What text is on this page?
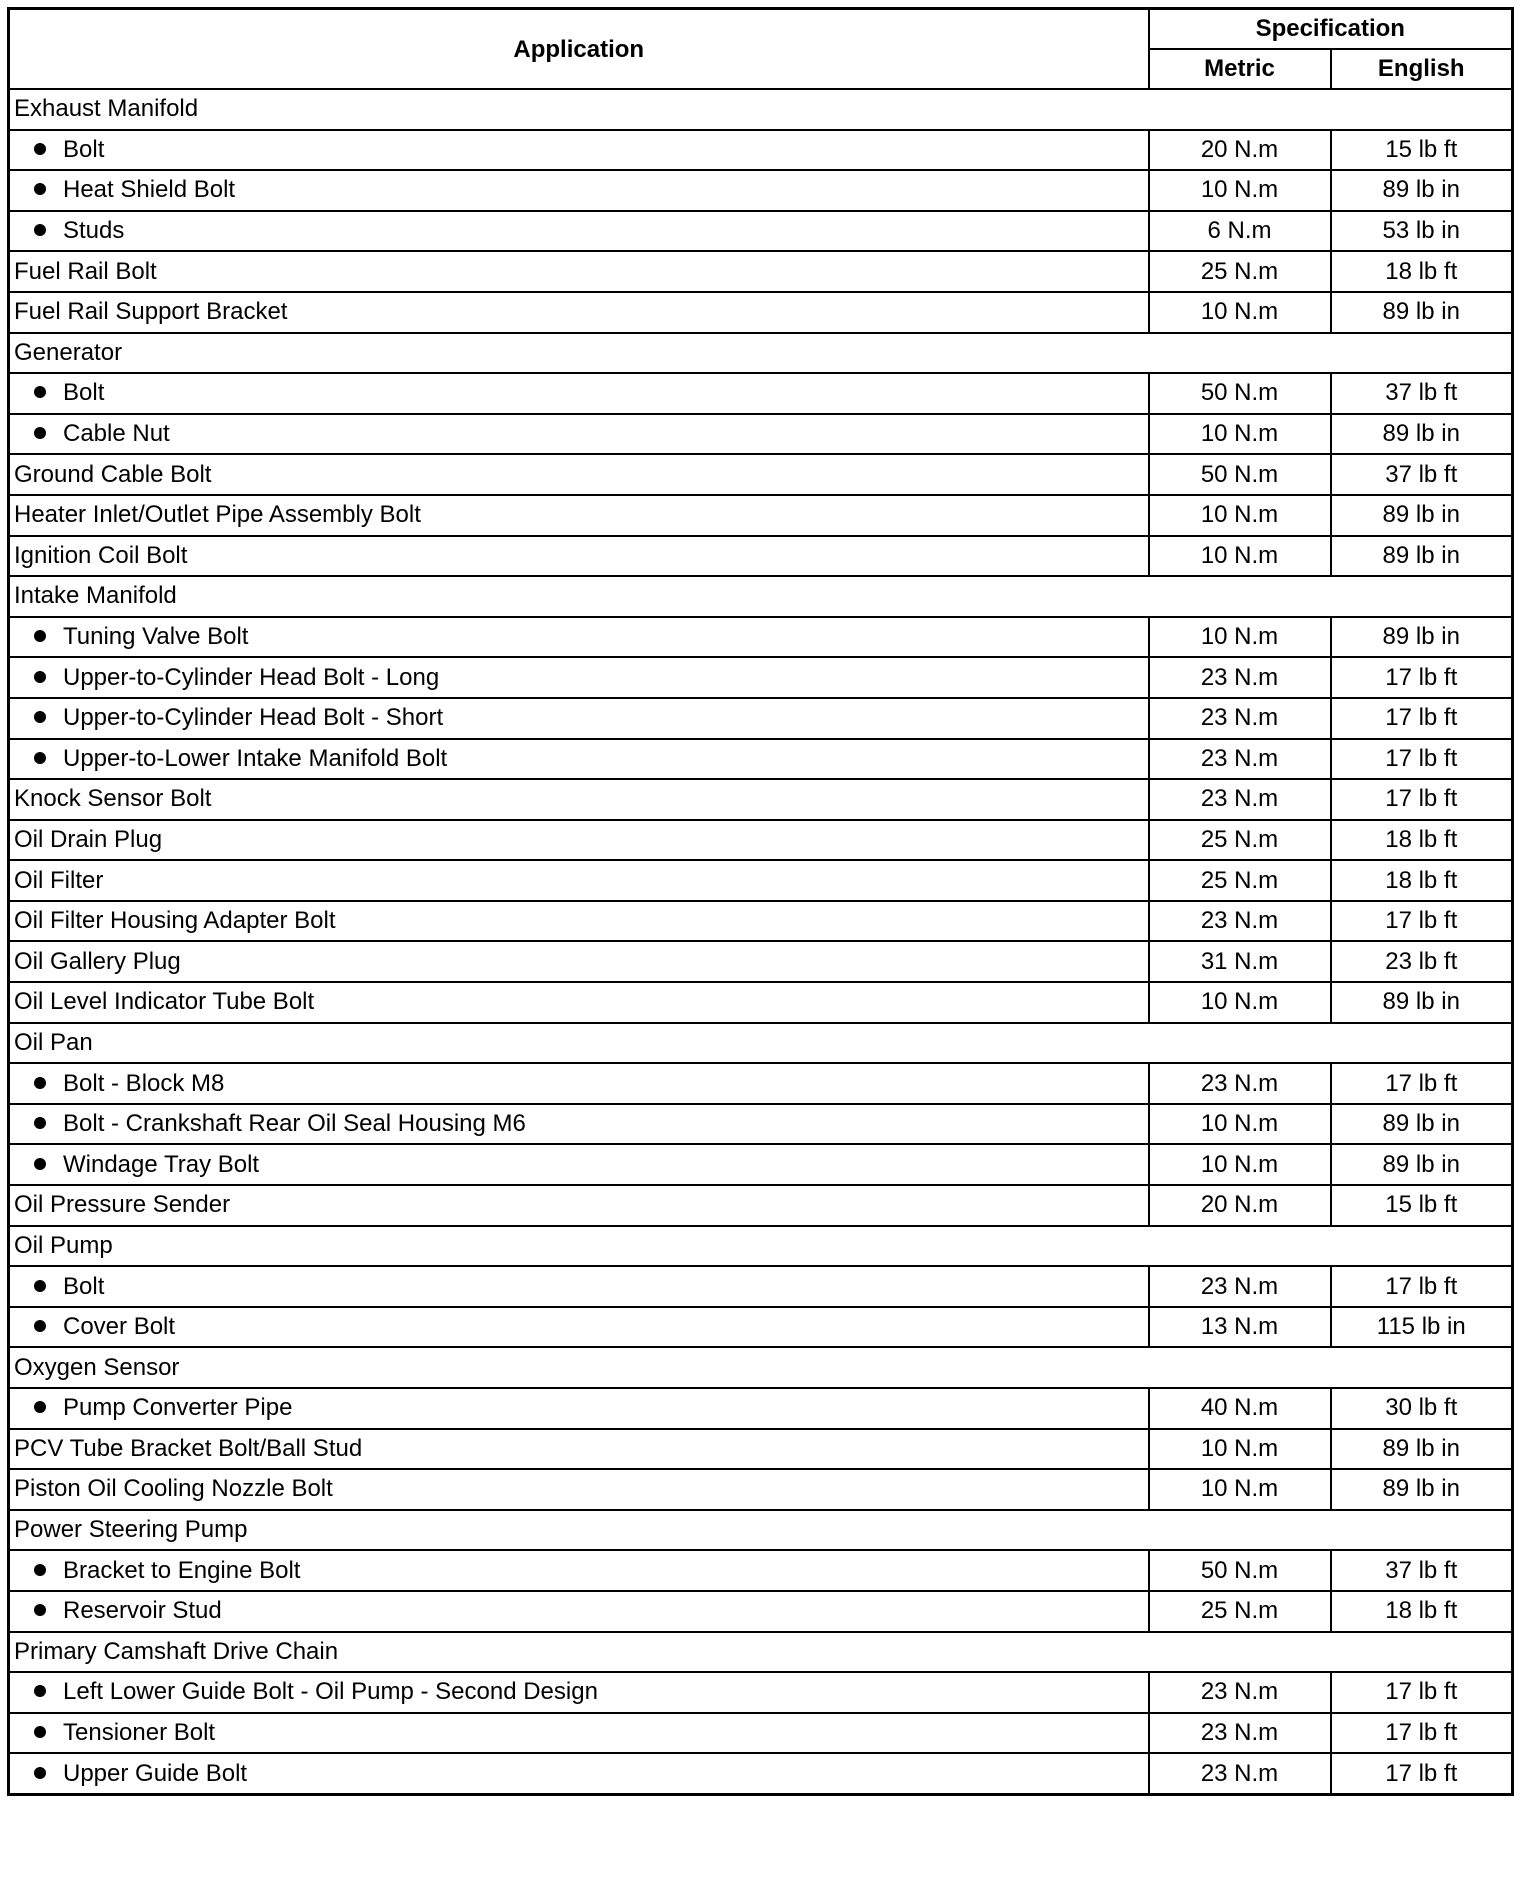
Application	Specification	
	Metric	English
Exhaust Manifold		
Bolt	20 N.m	15 lb ft
Heat Shield Bolt	10 N.m	89 lb in
Studs	6 N.m	53 lb in
Fuel Rail Bolt	25 N.m	18 lb ft
Fuel Rail Support Bracket	10 N.m	89 lb in
Generator		
Bolt	50 N.m	37 lb ft
Cable Nut	10 N.m	89 lb in
Ground Cable Bolt	50 N.m	37 lb ft
Heater Inlet/Outlet Pipe Assembly Bolt	10 N.m	89 lb in
Ignition Coil Bolt	10 N.m	89 lb in
Intake Manifold		
Tuning Valve Bolt	10 N.m	89 lb in
Upper-to-Cylinder Head Bolt - Long	23 N.m	17 lb ft
Upper-to-Cylinder Head Bolt - Short	23 N.m	17 lb ft
Upper-to-Lower Intake Manifold Bolt	23 N.m	17 lb ft
Knock Sensor Bolt	23 N.m	17 lb ft
Oil Drain Plug	25 N.m	18 lb ft
Oil Filter	25 N.m	18 lb ft
Oil Filter Housing Adapter Bolt	23 N.m	17 lb ft
Oil Gallery Plug	31 N.m	23 lb ft
Oil Level Indicator Tube Bolt	10 N.m	89 lb in
Oil Pan		
Bolt - Block M8	23 N.m	17 lb ft
Bolt - Crankshaft Rear Oil Seal Housing M6	10 N.m	89 lb in
Windage Tray Bolt	10 N.m	89 lb in
Oil Pressure Sender	20 N.m	15 lb ft
Oil Pump		
Bolt	23 N.m	17 lb ft
Cover Bolt	13 N.m	115 lb in
Oxygen Sensor		
Pump Converter Pipe	40 N.m	30 lb ft
PCV Tube Bracket Bolt/Ball Stud	10 N.m	89 lb in
Piston Oil Cooling Nozzle Bolt	10 N.m	89 lb in
Power Steering Pump		
Bracket to Engine Bolt	50 N.m	37 lb ft
Reservoir Stud	25 N.m	18 lb ft
Primary Camshaft Drive Chain		
Left Lower Guide Bolt - Oil Pump - Second Design	23 N.m	17 lb ft
Tensioner Bolt	23 N.m	17 lb ft
Upper Guide Bolt	23 N.m	17 lb ft
